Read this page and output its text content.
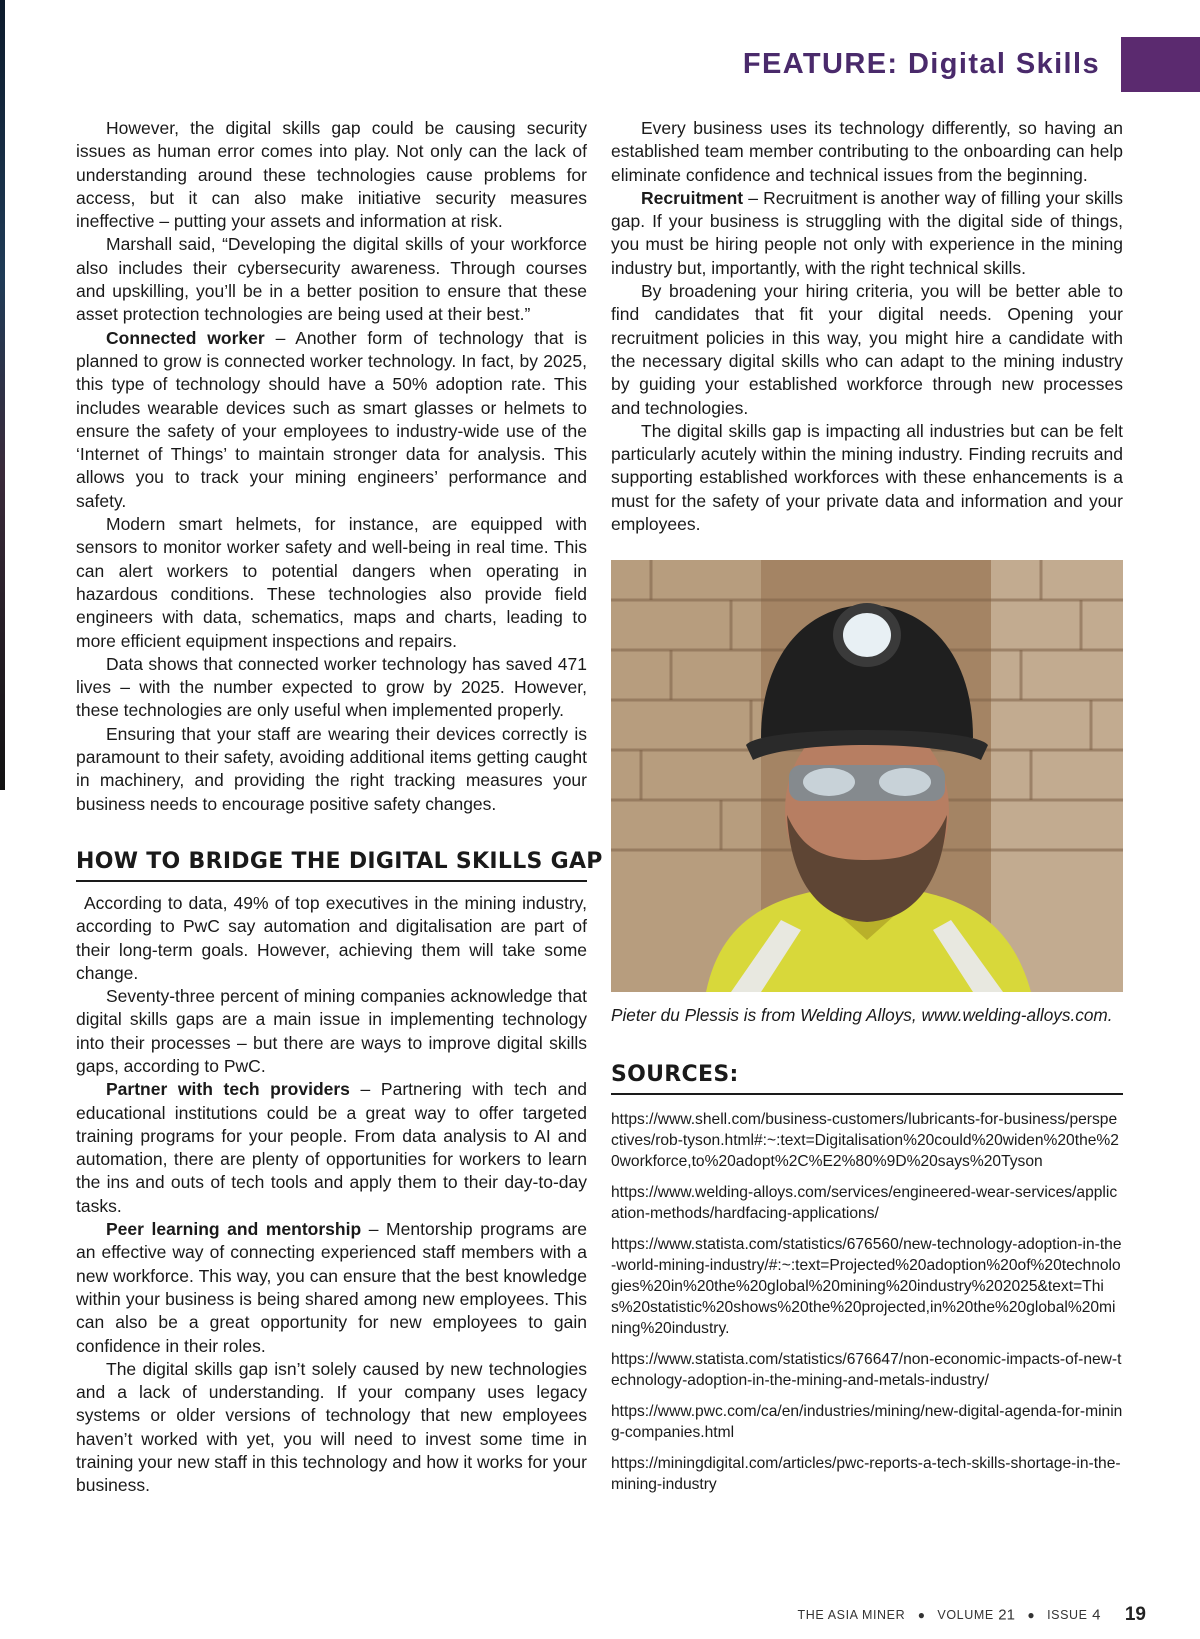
FEATURE: Digital Skills

However, the digital skills gap could be causing security issues as human error comes into play. Not only can the lack of understanding around these technologies cause problems for access, but it can also make initiative security measures ineffective – putting your assets and information at risk.

Marshall said, “Developing the digital skills of your workforce also includes their cybersecurity awareness. Through courses and upskilling, you’ll be in a better position to ensure that these asset protection technologies are being used at their best.”

Connected worker – Another form of technology that is planned to grow is connected worker technology. In fact, by 2025, this type of technology should have a 50% adoption rate. This includes wearable devices such as smart glasses or helmets to ensure the safety of your employees to industry-wide use of the ‘Internet of Things’ to maintain stronger data for analysis. This allows you to track your mining engineers’ performance and safety.

Modern smart helmets, for instance, are equipped with sensors to monitor worker safety and well-being in real time. This can alert workers to potential dangers when operating in hazardous conditions. These technologies also provide field engineers with data, schematics, maps and charts, leading to more efficient equipment inspections and repairs.

Data shows that connected worker technology has saved 471 lives – with the number expected to grow by 2025. However, these technologies are only useful when implemented properly.

Ensuring that your staff are wearing their devices correctly is paramount to their safety, avoiding additional items getting caught in machinery, and providing the right tracking measures your business needs to encourage positive safety changes.

HOW TO BRIDGE THE DIGITAL SKILLS GAP

According to data, 49% of top executives in the mining industry, according to PwC say automation and digitalisation are part of their long-term goals. However, achieving them will take some change.

Seventy-three percent of mining companies acknowledge that digital skills gaps are a main issue in implementing technology into their processes – but there are ways to improve digital skills gaps, according to PwC.

Partner with tech providers – Partnering with tech and educational institutions could be a great way to offer targeted training programs for your people. From data analysis to AI and automation, there are plenty of opportunities for workers to learn the ins and outs of tech tools and apply them to their day-to-day tasks.

Peer learning and mentorship – Mentorship programs are an effective way of connecting experienced staff members with a new workforce. This way, you can ensure that the best knowledge within your business is being shared among new employees. This can also be a great opportunity for new employees to gain confidence in their roles.

The digital skills gap isn’t solely caused by new technologies and a lack of understanding. If your company uses legacy systems or older versions of technology that new employees haven’t worked with yet, you will need to invest some time in training your new staff in this technology and how it works for your business.

Every business uses its technology differently, so having an established team member contributing to the onboarding can help eliminate confidence and technical issues from the beginning.

Recruitment – Recruitment is another way of filling your skills gap. If your business is struggling with the digital side of things, you must be hiring people not only with experience in the mining industry but, importantly, with the right technical skills.

By broadening your hiring criteria, you will be better able to find candidates that fit your digital needs. Opening your recruitment policies in this way, you might hire a candidate with the necessary digital skills who can adapt to the mining industry by guiding your established workforce through new processes and technologies.

The digital skills gap is impacting all industries but can be felt particularly acutely within the mining industry. Finding recruits and supporting established workforces with these enhancements is a must for the safety of your private data and information and your employees.

Pieter du Plessis is from Welding Alloys, www.welding-alloys.com.

SOURCES:

https://www.shell.com/business-customers/lubricants-for-business/perspectives/rob-tyson.html#:~:text=Digitalisation%20could%20widen%20the%20workforce,to%20adopt%2C%E2%80%9D%20says%20Tyson

https://www.welding-alloys.com/services/engineered-wear-services/application-methods/hardfacing-applications/

https://www.statista.com/statistics/676560/new-technology-adoption-in-the-world-mining-industry/#:~:text=Projected%20adoption%20of%20technologies%20in%20the%20global%20mining%20industry%202025&text=This%20statistic%20shows%20the%20projected,in%20the%20global%20mining%20industry.

https://www.statista.com/statistics/676647/non-economic-impacts-of-new-technology-adoption-in-the-mining-and-metals-industry/

https://www.pwc.com/ca/en/industries/mining/new-digital-agenda-for-mining-companies.html

https://miningdigital.com/articles/pwc-reports-a-tech-skills-shortage-in-the-mining-industry

THE ASIA MINER ● VOLUME 21 ● ISSUE 4 19
